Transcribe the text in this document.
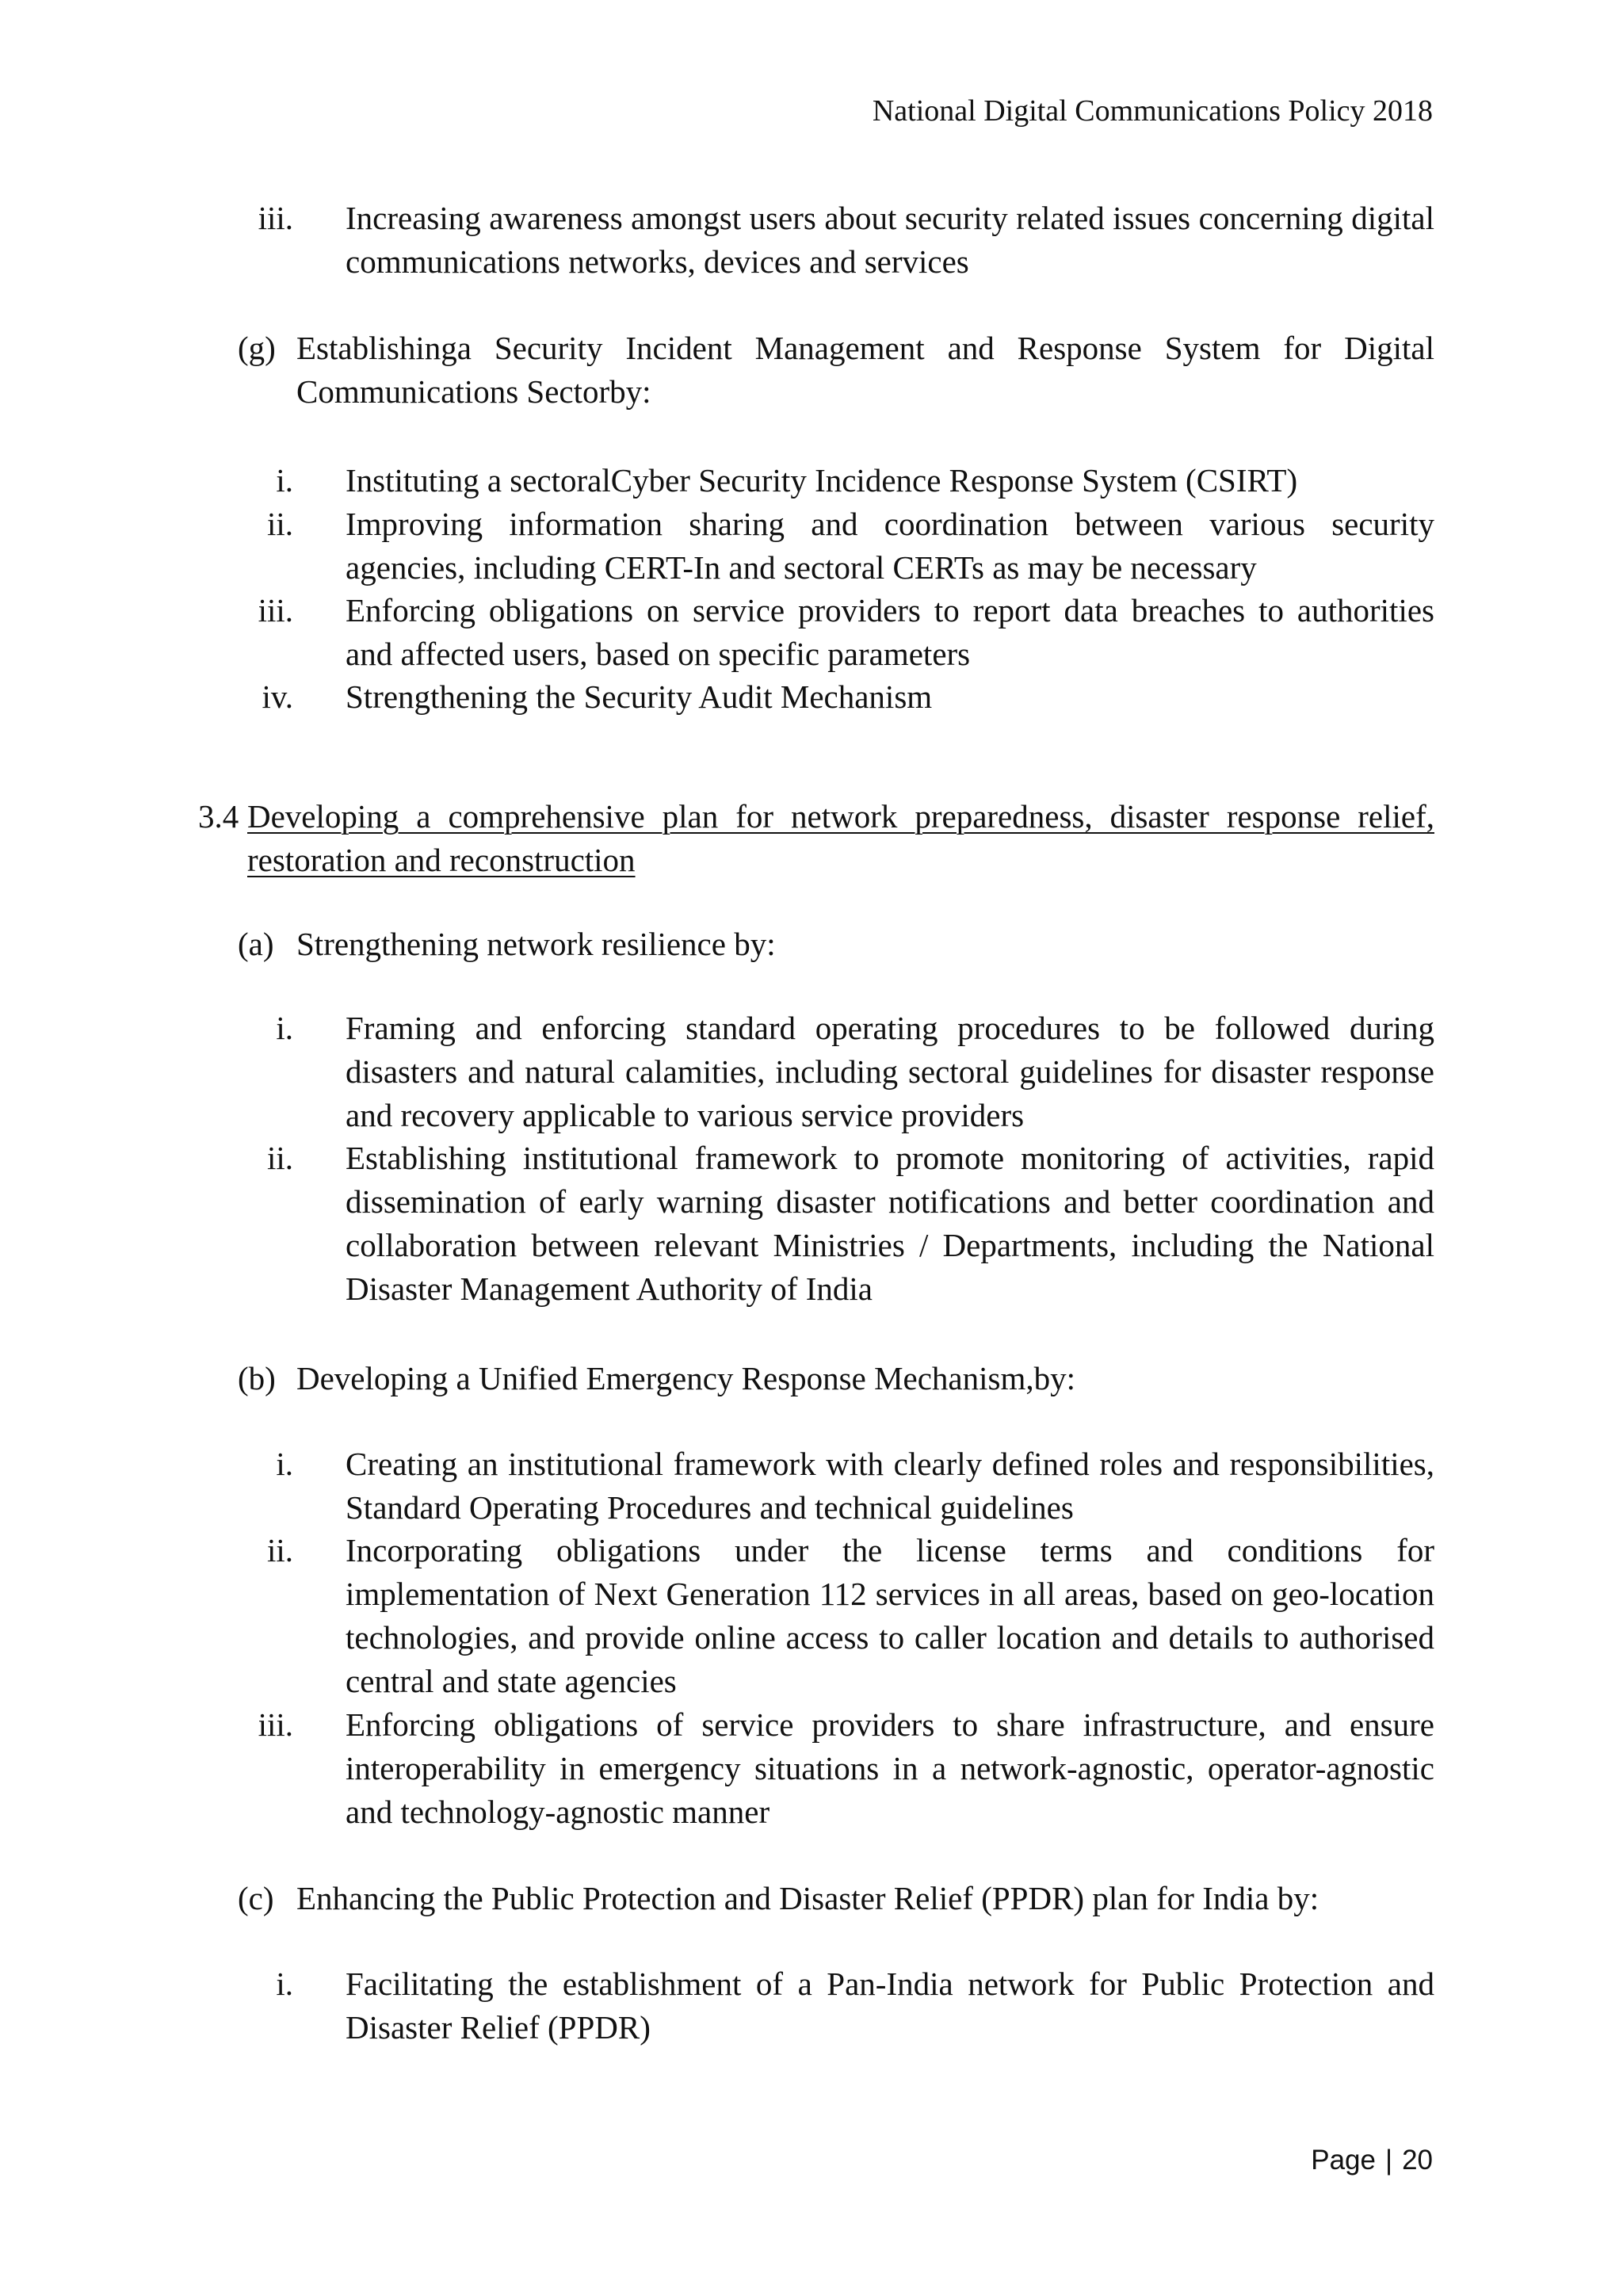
National Digital Communications Policy 2018
iii. Increasing awareness amongst users about security related issues concerning digital communications networks, devices and services
(g) Establishinga Security Incident Management and Response System for Digital Communications Sectorby:
i. Instituting a sectoralCyber Security Incidence Response System (CSIRT)
ii. Improving information sharing and coordination between various security agencies, including CERT-In and sectoral CERTs as may be necessary
iii. Enforcing obligations on service providers to report data breaches to authorities and affected users, based on specific parameters
iv. Strengthening the Security Audit Mechanism
3.4 Developing a comprehensive plan for network preparedness, disaster response relief, restoration and reconstruction
(a) Strengthening network resilience by:
i. Framing and enforcing standard operating procedures to be followed during disasters and natural calamities, including sectoral guidelines for disaster response and recovery applicable to various service providers
ii. Establishing institutional framework to promote monitoring of activities, rapid dissemination of early warning disaster notifications and better coordination and collaboration between relevant Ministries / Departments, including the National Disaster Management Authority of India
(b) Developing a Unified Emergency Response Mechanism,by:
i. Creating an institutional framework with clearly defined roles and responsibilities, Standard Operating Procedures and technical guidelines
ii. Incorporating obligations under the license terms and conditions for implementation of Next Generation 112 services in all areas, based on geo-location technologies, and provide online access to caller location and details to authorised central and state agencies
iii. Enforcing obligations of service providers to share infrastructure, and ensure interoperability in emergency situations in a network-agnostic, operator-agnostic and technology-agnostic manner
(c) Enhancing the Public Protection and Disaster Relief (PPDR) plan for India by:
i. Facilitating the establishment of a Pan-India network for Public Protection and Disaster Relief (PPDR)
Page | 20
